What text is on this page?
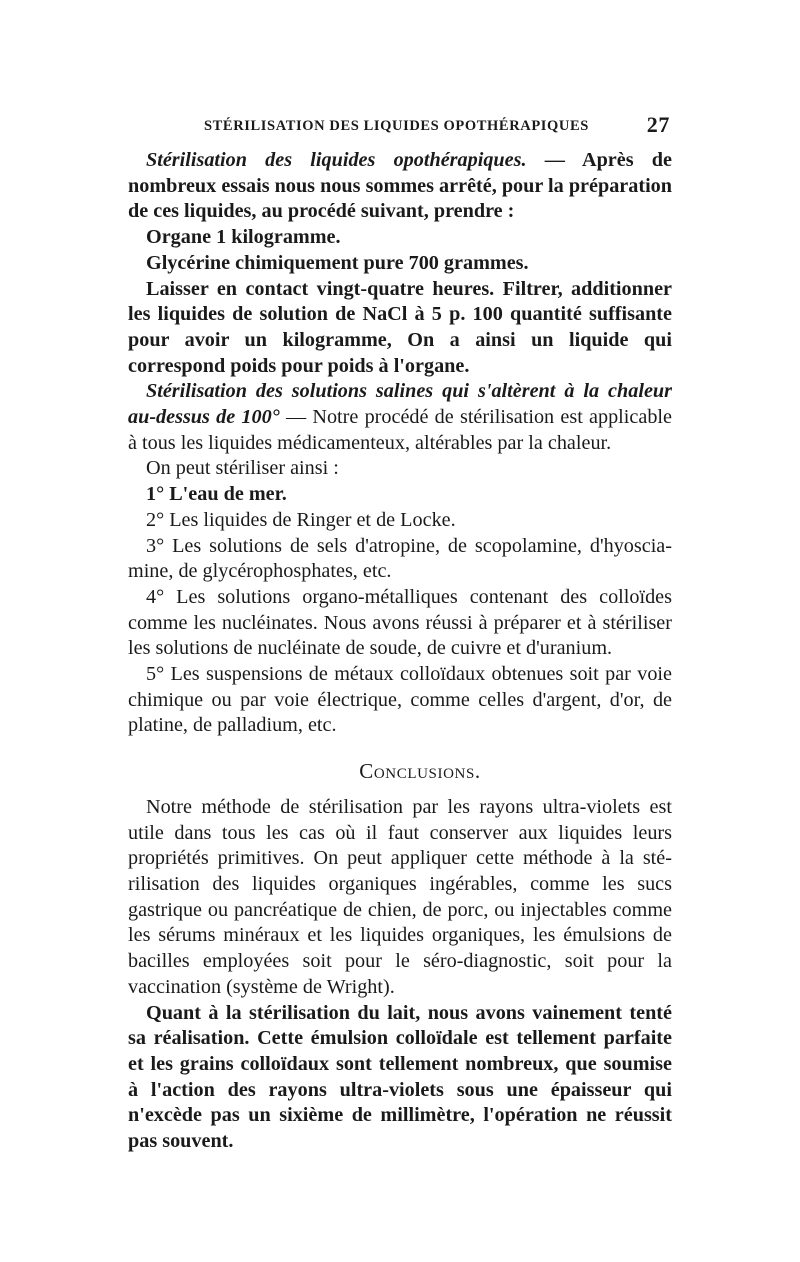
STÉRILISATION DES LIQUIDES OPOTHÉRAPIQUES	27

Stérilisation des liquides opothérapiques. — Après de nombreux essais nous nous sommes arrêté, pour la préparation de ces liquides, au procédé suivant, prendre :

Organe 1 kilogramme.

Glycérine chimiquement pure 700 grammes.

Laisser en contact vingt-quatre heures. Filtrer, additionner les liquides de solution de NaCl à 5 p. 100 quantité suffisante pour avoir un kilogramme, On a ainsi un liquide qui correspond poids pour poids à l'organe.

Stérilisation des solutions salines qui s'altèrent à la chaleur au-dessus de 100° — Notre procédé de stérilisation est applicable à tous les liquides médicamenteux, altérables par la chaleur.

On peut stériliser ainsi :

1° L'eau de mer.

2° Les liquides de Ringer et de Locke.

3° Les solutions de sels d'atropine, de scopolamine, d'hyosciamine, de glycérophosphates, etc.

4° Les solutions organo-métalliques contenant des colloïdes comme les nucléinates. Nous avons réussi à préparer et à stériliser les solutions de nucléinate de soude, de cuivre et d'uranium.

5° Les suspensions de métaux colloïdaux obtenues soit par voie chimique ou par voie électrique, comme celles d'argent, d'or, de platine, de palladium, etc.

Conclusions.

Notre méthode de stérilisation par les rayons ultra-violets est utile dans tous les cas où il faut conserver aux liquides leurs propriétés primitives. On peut appliquer cette méthode à la stérilisation des liquides organiques ingérables, comme les sucs gastrique ou pancréatique de chien, de porc, ou injectables comme les sérums minéraux et les liquides organiques, les émulsions de bacilles employées soit pour le séro-diagnostic, soit pour la vaccination (système de Wright).

Quant à la stérilisation du lait, nous avons vainement tenté sa réalisation. Cette émulsion colloïdale est tellement parfaite et les grains colloïdaux sont tellement nombreux, que soumise à l'action des rayons ultra-violets sous une épaisseur qui n'excède pas un sixième de millimètre, l'opération ne réussit pas souvent.
